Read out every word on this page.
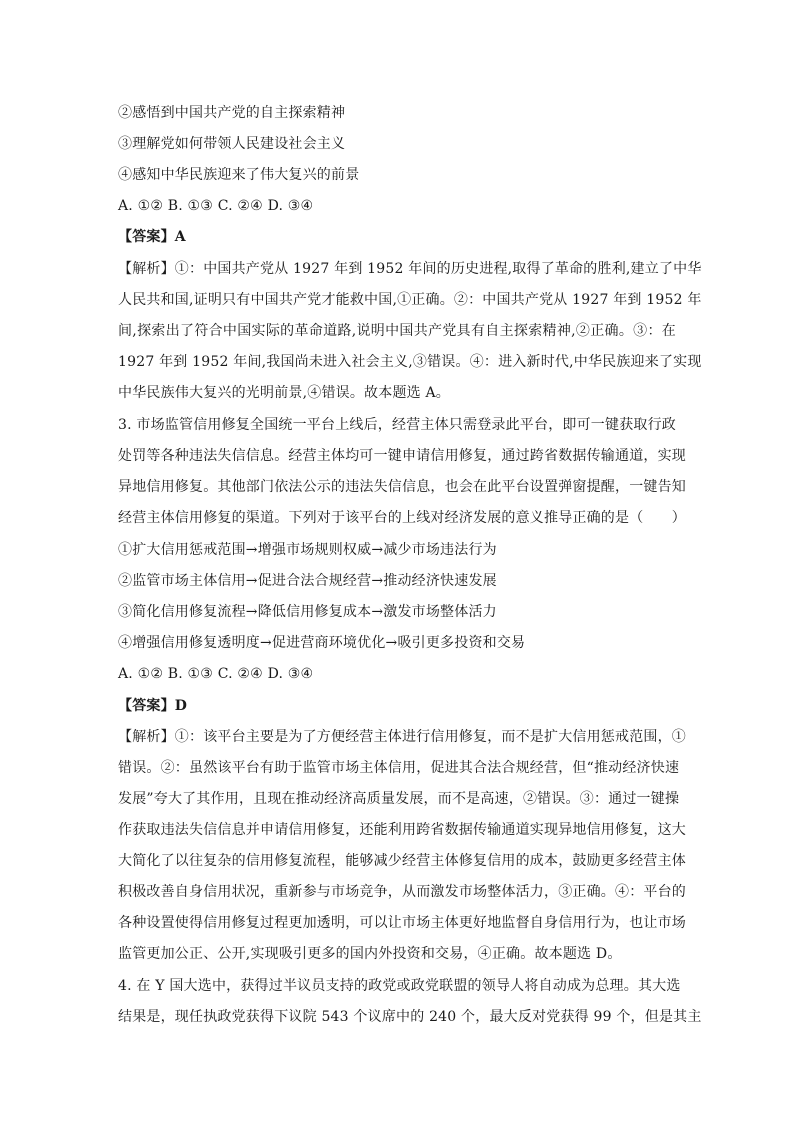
②感悟到中国共产党的自主探索精神
③理解党如何带领人民建设社会主义
④感知中华民族迎来了伟大复兴的前景
A. ①② B. ①③ C. ②④ D. ③④
【答案】A
【解析】①：中国共产党从 1927 年到 1952 年间的历史进程,取得了革命的胜利,建立了中华
人民共和国,证明只有中国共产党才能救中国,①正确。②：中国共产党从 1927 年到 1952 年
间,探索出了符合中国实际的革命道路,说明中国共产党具有自主探索精神,②正确。③：在
1927 年到 1952 年间,我国尚未进入社会主义,③错误。④：进入新时代,中华民族迎来了实现
中华民族伟大复兴的光明前景,④错误。故本题选 A。
3. 市场监管信用修复全国统一平台上线后，经营主体只需登录此平台，即可一键获取行政
处罚等各种违法失信信息。经营主体均可一键申请信用修复，通过跨省数据传输通道，实现
异地信用修复。其他部门依法公示的违法失信信息，也会在此平台设置弹窗提醒，一键告知
经营主体信用修复的渠道。下列对于该平台的上线对经济发展的意义推导正确的是（　　）
①扩大信用惩戒范围→增强市场规则权威→减少市场违法行为
②监管市场主体信用→促进合法合规经营→推动经济快速发展
③简化信用修复流程→降低信用修复成本→激发市场整体活力
④增强信用修复透明度→促进营商环境优化→吸引更多投资和交易
A. ①② B. ①③ C. ②④ D. ③④
【答案】D
【解析】①：该平台主要是为了方便经营主体进行信用修复，而不是扩大信用惩戒范围，①
错误。②：虽然该平台有助于监管市场主体信用，促进其合法合规经营，但“推动经济快速
发展”夸大了其作用，且现在推动经济高质量发展，而不是高速，②错误。③：通过一键操
作获取违法失信信息并申请信用修复，还能利用跨省数据传输通道实现异地信用修复，这大
大简化了以往复杂的信用修复流程，能够减少经营主体修复信用的成本，鼓励更多经营主体
积极改善自身信用状况，重新参与市场竞争，从而激发市场整体活力，③正确。④：平台的
各种设置使得信用修复过程更加透明，可以让市场主体更好地监督自身信用行为，也让市场
监管更加公正、公开,实现吸引更多的国内外投资和交易，④正确。故本题选 D。
4. 在 Y 国大选中，获得过半议员支持的政党或政党联盟的领导人将自动成为总理。其大选
结果是，现任执政党获得下议院 543 个议席中的 240 个，最大反对党获得 99 个，但是其主
